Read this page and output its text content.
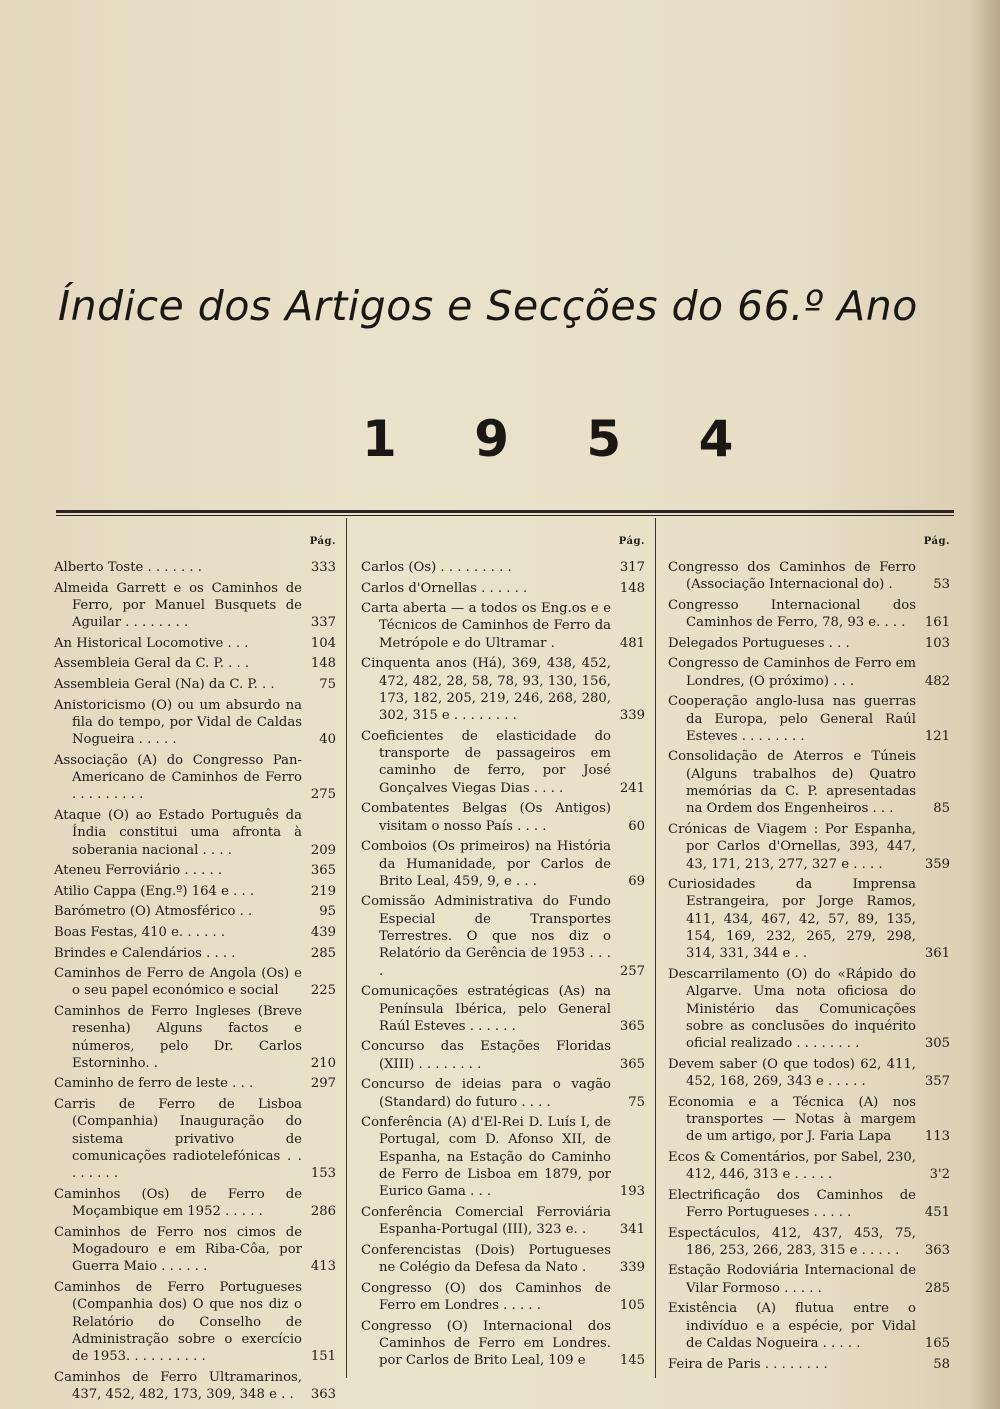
Índice dos Artigos e Secções do 66.º Ano
1 9 5 4
Pág.
Alberto Toste . . . . . . .	333
Almeida Garrett e os Caminhos de Ferro, por Manuel Busquets de Aguilar . . . . . . . .	337
An Historical Locomotive . . .	104
Assembleia Geral da C. P. . . .	148
Assembleia Geral (Na) da C. P. . .	75
Anistoricismo (O) ou um absurdo na fila do tempo, por Vidal de Caldas Nogueira . . . . .	40
Associação (A) do Congresso Pan-Americano de Caminhos de Ferro . . . . . . . . .	275
Ataque (O) ao Estado Português da Índia constitui uma afronta à soberania nacional . . . .	209
Ateneu Ferroviário . . . . .	365
Atilio Cappa (Eng.º) 164 e . . .	219
Barómetro (O) Atmosférico . .	95
Boas Festas, 410 e. . . . . .	439
Brindes e Calendários . . . .	285
Caminhos de Ferro de Angola (Os) e o seu papel económico e social	225
Caminhos de Ferro Ingleses (Breve resenha) Alguns factos e números, pelo Dr. Carlos Estorninho. .	210
Caminho de ferro de leste . . .	297
Carris de Ferro de Lisboa (Companhia) Inauguração do sistema privativo de comunicações radiotelefónicas . . . . . . . .	153
Caminhos (Os) de Ferro de Moçambique em 1952 . . . . .	286
Caminhos de Ferro nos cimos de Mogadouro e em Riba-Côa, por Guerra Maio . . . . . .	413
Caminhos de Ferro Portugueses (Companhia dos) O que nos diz o Relatório do Conselho de Administração sobre o exercício de 1953. . . . . . . . . .	151
Caminhos de Ferro Ultramarinos, 437, 452, 482, 173, 309, 348 e . .	363
Pág.
Carlos (Os) . . . . . . . . .	317
Carlos d'Ornellas . . . . . .	148
Carta aberta — a todos os Eng.os e e Técnicos de Caminhos de Ferro da Metrópole e do Ultramar .	481
Cinquenta anos (Há), 369, 438, 452, 472, 482, 28, 58, 78, 93, 130, 156, 173, 182, 205, 219, 246, 268, 280, 302, 315 e . . . . . . . .	339
Coeficientes de elasticidade do transporte de passageiros em caminho de ferro, por José Gonçalves Viegas Dias . . . .	241
Combatentes Belgas (Os Antigos) visitam o nosso País . . . .	60
Comboios (Os primeiros) na História da Humanidade, por Carlos de Brito Leal, 459, 9, e . . .	69
Comissão Administrativa do Fundo Especial de Transportes Terrestres. O que nos diz o Relatório da Gerência de 1953 . . . .	257
Comunicações estratégicas (As) na Península Ibérica, pelo General Raúl Esteves . . . . . .	365
Concurso das Estações Floridas (XIII) . . . . . . . .	365
Concurso de ideias para o vagão (Standard) do futuro . . . .	75
Conferência (A) d'El-Rei D. Luís I, de Portugal, com D. Afonso XII, de Espanha, na Estação do Caminho de Ferro de Lisboa em 1879, por Eurico Gama . . .	193
Conferência Comercial Ferroviária Espanha-Portugal (III), 323 e. .	341
Conferencistas (Dois) Portugueses ne Colégio da Defesa da Nato .	339
Congresso (O) dos Caminhos de Ferro em Londres . . . . .	105
Congresso (O) Internacional dos Caminhos de Ferro em Londres. por Carlos de Brito Leal, 109 e	145
Pág.
Congresso dos Caminhos de Ferro (Associação Internacional do) .	53
Congresso Internacional dos Caminhos de Ferro, 78, 93 e. . . .	161
Delegados Portugueses . . .	103
Congresso de Caminhos de Ferro em Londres, (O próximo) . . .	482
Cooperação anglo-lusa nas guerras da Europa, pelo General Raúl Esteves . . . . . . . .	121
Consolidação de Aterros e Túneis (Alguns trabalhos de) Quatro memórias da C. P. apresentadas na Ordem dos Engenheiros . . .	85
Crónicas de Viagem : Por Espanha, por Carlos d'Ornellas, 393, 447, 43, 171, 213, 277, 327 e . . . .	359
Curiosidades da Imprensa Estrangeira, por Jorge Ramos, 411, 434, 467, 42, 57, 89, 135, 154, 169, 232, 265, 279, 298, 314, 331, 344 e . .	361
Descarrilamento (O) do «Rápido do Algarve. Uma nota oficiosa do Ministério das Comunicações sobre as conclusões do inquérito oficial realizado . . . . . . . .	305
Devem saber (O que todos) 62, 411, 452, 168, 269, 343 e . . . . .	357
Economia e a Técnica (A) nos transportes — Notas à margem de um artigo, por J. Faria Lapa	113
Ecos & Comentários, por Sabel, 230, 412, 446, 313 e . . . . .	3'2
Electrificação dos Caminhos de Ferro Portugueses . . . . .	451
Espectáculos, 412, 437, 453, 75, 186, 253, 266, 283, 315 e . . . . .	363
Estação Rodoviária Internacional de Vilar Formoso . . . . .	285
Existência (A) flutua entre o indivíduo e a espécie, por Vidal de Caldas Nogueira . . . . .	165
Feira de Paris . . . . . . . .	58
